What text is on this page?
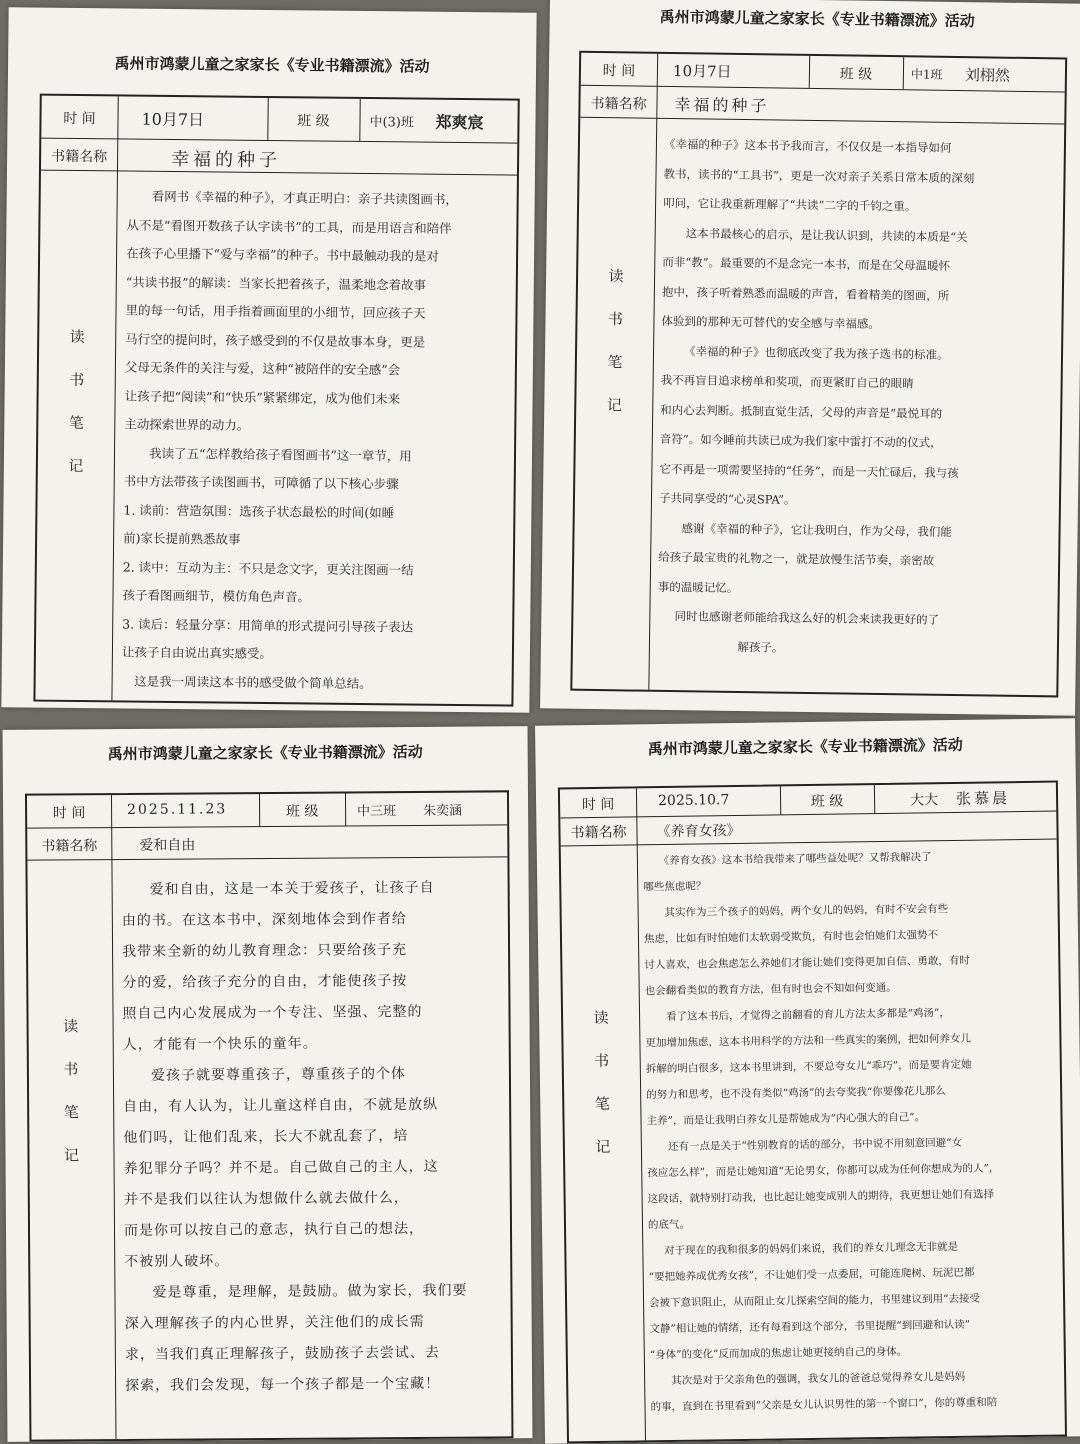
禹州市鸿蒙儿童之家家长《专业书籍漂流》活动
时 间	10月7日	班 级	中(3)班 郑爽宸
书籍名称	幸福的种子
读
书
笔
记

看网书《幸福的种子》，才真正明白：亲子共读图画书，

从不是“看图开数孩子认字读书”的工具，而是用语言和陪伴

在孩子心里播下“爱与幸福”的种子。书中最触动我的是对

“共读书报”的解读：当家长把着孩子，温柔地念着故事

里的每一句话，用手指着画面里的小细节，回应孩子天

马行空的提问时，孩子感受到的不仅是故事本身，更是

父母无条件的关注与爱，这种“被陪伴的安全感”会

让孩子把“阅读”和“快乐”紧紧绑定，成为他们未来

主动探索世界的动力。

我读了五“怎样教给孩子看图画书”这一章节，用

书中方法带孩子读图画书，可障循了以下核心步骤

1. 读前：营造氛围：选孩子状态最松的时间(如睡

前)家长提前熟悉故事

2. 读中：互动为主：不只是念文字，更关注图画一结

孩子看图画细节，模仿角色声音。

3. 读后：轻量分享：用简单的形式提问引导孩子表达

让孩子自由说出真实感受。

这是我一周读这本书的感受做个简单总结。

禹州市鸿蒙儿童之家家长《专业书籍漂流》活动
时 间	10月7日	班 级	中1班 刘栩然
书籍名称	幸福的种子
读
书
笔
记

《幸福的种子》这本书予我而言，不仅仅是一本指导如何

教书，读书的“工具书”，更是一次对亲子关系日常本质的深刻

叩问，它让我重新理解了“共读”二字的千钧之重。

这本书最核心的启示，是让我认识到，共读的本质是“关

而非“教”。最重要的不是念完一本书，而是在父母温暖怀

抱中，孩子听着熟悉而温暖的声音，看着精美的图画，所

体验到的那种无可替代的安全感与幸福感。

《幸福的种子》也彻底改变了我为孩子选书的标准。

我不再盲目追求榜单和奖项，而更紧盯自己的眼睛

和内心去判断。抵制直觉生活，父母的声音是“最悦耳的

音符”。如今睡前共读已成为我们家中雷打不动的仪式，

它不再是一项需要坚持的“任务”，而是一天忙碌后，我与孩

子共同享受的“心灵SPA”。

感谢《幸福的种子》，它让我明白，作为父母，我们能

给孩子最宝贵的礼物之一，就是放慢生活节奏，亲密故

事的温暖记忆。

同时也感谢老师能给我这么好的机会来读我更好的了

解孩子。

禹州市鸿蒙儿童之家家长《专业书籍漂流》活动
时 间	2025.11.23	班 级	中三班 朱奕涵
书籍名称	爱和自由
读
书
笔
记

爱和自由，这是一本关于爱孩子，让孩子自

由的书。在这本书中，深刻地体会到作者给

我带来全新的幼儿教育理念：只要给孩子充

分的爱，给孩子充分的自由，才能使孩子按

照自己内心发展成为一个专注、坚强、完整的

人，才能有一个快乐的童年。

爱孩子就要尊重孩子，尊重孩子的个体

自由，有人认为，让儿童这样自由，不就是放纵

他们吗，让他们乱来，长大不就乱套了，培

养犯罪分子吗？并不是。自己做自己的主人，这

并不是我们以往认为想做什么就去做什么，

而是你可以按自己的意志，执行自己的想法，

不被别人破坏。

爱是尊重，是理解，是鼓励。做为家长，我们要

深入理解孩子的内心世界，关注他们的成长需

求，当我们真正理解孩子，鼓励孩子去尝试、去

探索，我们会发现，每一个孩子都是一个宝藏！

禹州市鸿蒙儿童之家家长《专业书籍漂流》活动
时 间	2025.10.7	班 级	大大 张慕晨
书籍名称	《养育女孩》
读
书
笔
记

《养育女孩》这本书给我带来了哪些益处呢？又帮我解决了

哪些焦虑呢？

其实作为三个孩子的妈妈，两个女儿的妈妈，有时不安会有些

焦虑，比如有时怕她们太软弱受欺负，有时也会怕她们太强势不

讨人喜欢，也会焦虑怎么养她们才能让她们变得更加自信、勇敢，有时

也会翻看类似的教育方法，但有时也会不知如何变通。

看了这本书后，才觉得之前翻看的育儿方法太多都是“鸡汤”，

更加增加焦虑，这本书用科学的方法和一些真实的案例，把如何养女儿

拆解的明白很多，这本书里讲到，不要总夸女儿“乖巧”，而是要肯定她

的努力和思考，也不没有类似“鸡汤”的去夸奖我“你要像花儿那么

主养”，而是让我明白养女儿是帮她成为“内心强大的自己”。

还有一点是关于“性别教育的话的部分，书中说不用刻意回避“女

孩应怎么样”，而是让她知道“无论男女，你都可以成为任何你想成为的人”，

这段话，就特别打动我，也比起让她变成别人的期待，我更想让她们有选择

的底气。

对于现在的我和很多的妈妈们来说，我们的养女儿理念无非就是

“要把她养成优秀女孩”，不让她们受一点委屈，可能连爬树、玩泥巴都

会被下意识阻止，从而阻止女儿探索空间的能力，书里建议到用“去接受

文静”相让她的情绪，还有每看到这个部分，书里提醒“到回避和认读”

“身体”的变化”反而加成的焦虑让她更接纳自己的身体。

其次是对于父亲角色的强调，我女儿的爸爸总觉得养女儿是妈妈

的事，直到在书里看到“父亲是女儿认识男性的第一个窗口”，你的尊重和陪
